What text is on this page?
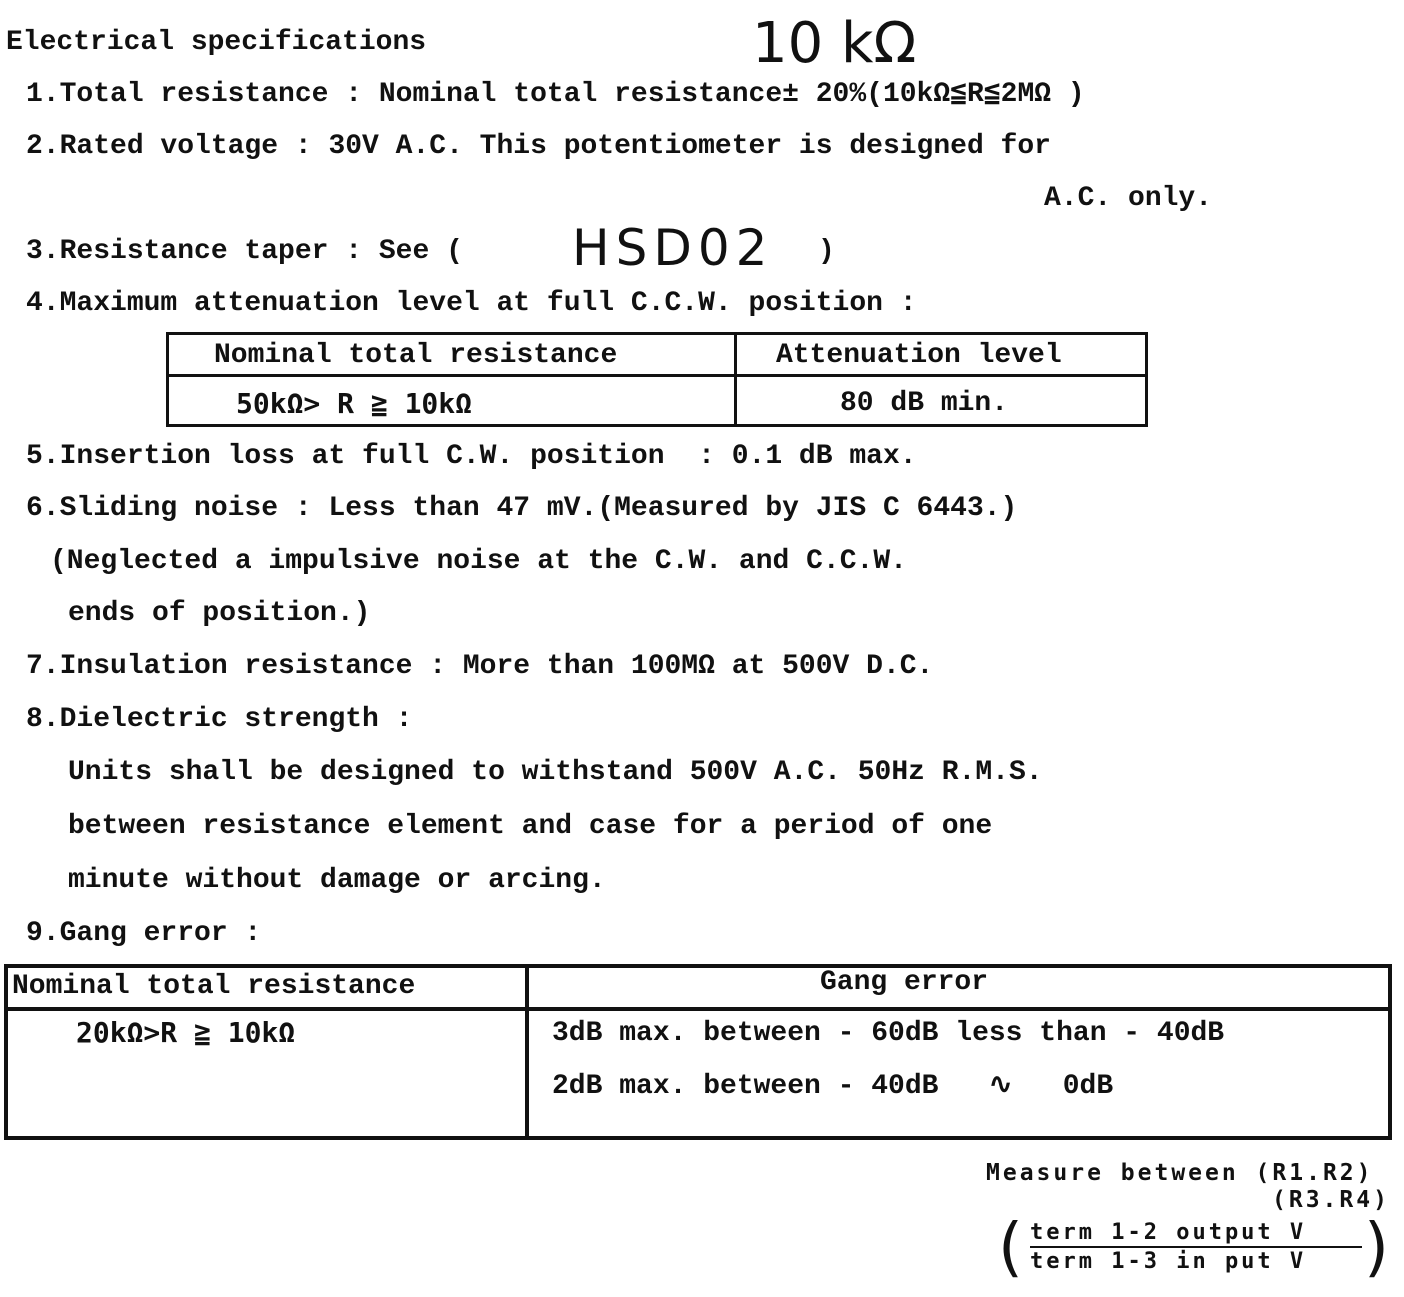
Electrical specifications	10 kΩ
1.Total resistance : Nominal total resistance± 20%(10kΩ≦R≦2MΩ )
2.Rated voltage : 30V A.C. This potentiometer is designed for
A.C. only.
3.Resistance taper : See ( HSD02 )
4.Maximum attenuation level at full C.C.W. position :
Nominal total resistance	Attenuation level
50kΩ> R ≧ 10kΩ	80 dB min.
5.Insertion loss at full C.W. position  : 0.1 dB max.
6.Sliding noise : Less than 47 mV.(Measured by JIS C 6443.)
(Neglected a impulsive noise at the C.W. and C.C.W.
ends of position.)
7.Insulation resistance : More than 100MΩ at 500V D.C.
8.Dielectric strength :
Units shall be designed to withstand 500V A.C. 50Hz R.M.S.
between resistance element and case for a period of one
minute without damage or arcing.
9.Gang error :
Nominal total resistance	Gang error
20kΩ>R ≧ 10kΩ	3dB max. between - 60dB less than - 40dB
2dB max. between - 40dB   ∿   0dB
Measure between (R1.R2)
(R3.R4)
( term 1-2 output V
term 1-3 in put V )
